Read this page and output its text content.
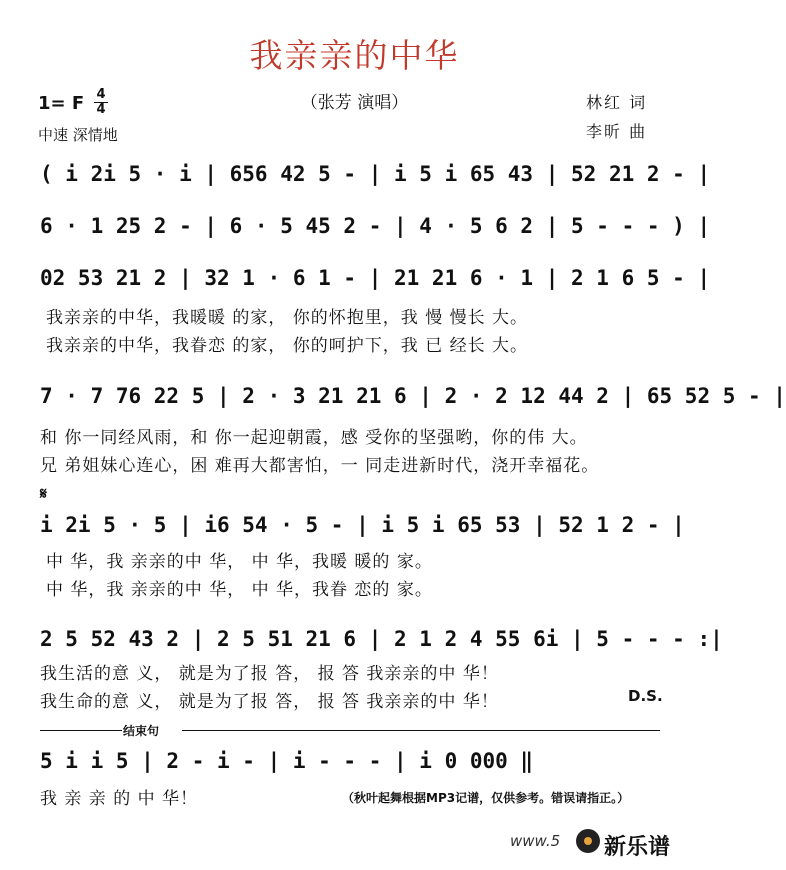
我亲亲的中华
（张芳 演唱）
1= F 4
4
中速 深情地
林红 词
李昕 曲
( i 2i 5 · i | 656 42 5 - | i 5 i 65 43 | 52 21 2 - |
6 · 1 25 2 - | 6 · 5 45 2 - | 4 · 5 6 2 | 5 - - - ) |
02 53 21 2 | 32 1 · 6 1 - | 21 21 6 · 1 | 2 1 6 5 - |
我亲亲的中华，我暖暖 的家， 你的怀抱里，我 慢 慢长 大。
我亲亲的中华，我眷恋 的家， 你的呵护下，我 已 经长 大。
7 · 7 76 22 5 | 2 · 3 21 21 6 | 2 · 2 12 44 2 | 65 52 5 - |
和 你一同经风雨，和 你一起迎朝霞，感 受你的坚强哟，你的伟 大。
兄 弟姐妹心连心，困 难再大都害怕，一 同走进新时代，浇开幸福花。
𝄋
i 2i 5 · 5 | i6 54 · 5 - | i 5 i 65 53 | 52 1 2 - |
中 华，我 亲亲的中 华， 中 华，我暖 暖的 家。
中 华，我 亲亲的中 华， 中 华，我眷 恋的 家。
2 5 52 43 2 | 2 5 51 21 6 | 2 1 2 4 55 6i | 5 - - - :|
我生活的意 义， 就是为了报 答， 报 答 我亲亲的中 华！
我生命的意 义， 就是为了报 答， 报 答 我亲亲的中 华！	D.S.
结束句
5 i i 5 | 2 - i - | i - - - | i 0 000 ‖
我 亲 亲 的 中 华！	（秋叶起舞根据MP3记谱，仅供参考。错误请指正。）
www.5 新乐谱
